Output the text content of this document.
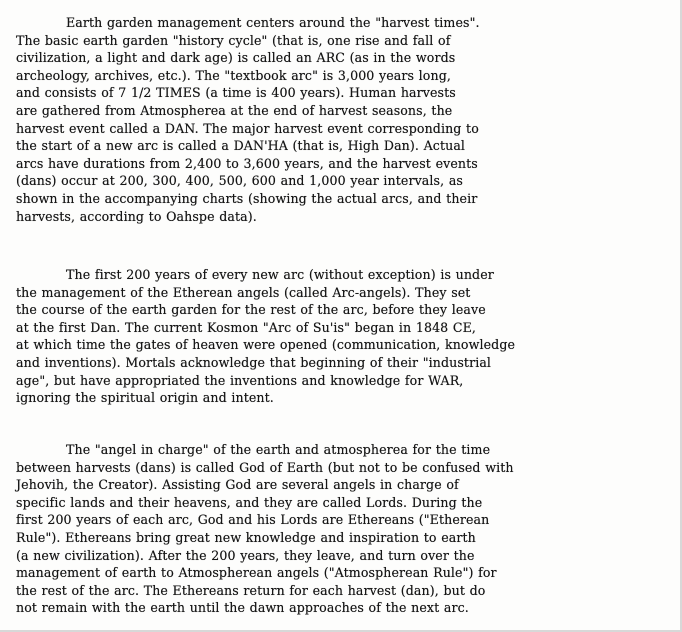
Earth garden management centers around the "harvest times".
The basic earth garden "history cycle" (that is, one rise and fall of
civilization, a light and dark age) is called an ARC (as in the words
archeology, archives, etc.). The "textbook arc" is 3,000 years long,
and consists of 7 1/2 TIMES (a time is 400 years). Human harvests
are gathered from Atmospherea at the end of harvest seasons, the
harvest event called a DAN. The major harvest event corresponding to
the start of a new arc is called a DAN'HA (that is, High Dan). Actual
arcs have durations from 2,400 to 3,600 years, and the harvest events
(dans) occur at 200, 300, 400, 500, 600 and 1,000 year intervals, as
shown in the accompanying charts (showing the actual arcs, and their
harvests, according to Oahspe data).

The first 200 years of every new arc (without exception) is under
the management of the Etherean angels (called Arc-angels). They set
the course of the earth garden for the rest of the arc, before they leave
at the first Dan. The current Kosmon "Arc of Su'is" began in 1848 CE,
at which time the gates of heaven were opened (communication, knowledge
and inventions). Mortals acknowledge that beginning of their "industrial
age", but have appropriated the inventions and knowledge for WAR,
ignoring the spiritual origin and intent.

The "angel in charge" of the earth and atmospherea for the time
between harvests (dans) is called God of Earth (but not to be confused with
Jehovih, the Creator). Assisting God are several angels in charge of
specific lands and their heavens, and they are called Lords. During the
first 200 years of each arc, God and his Lords are Ethereans ("Etherean
Rule"). Ethereans bring great new knowledge and inspiration to earth
(a new civilization). After the 200 years, they leave, and turn over the
management of earth to Atmospherean angels ("Atmospherean Rule") for
the rest of the arc. The Ethereans return for each harvest (dan), but do
not remain with the earth until the dawn approaches of the next arc.
